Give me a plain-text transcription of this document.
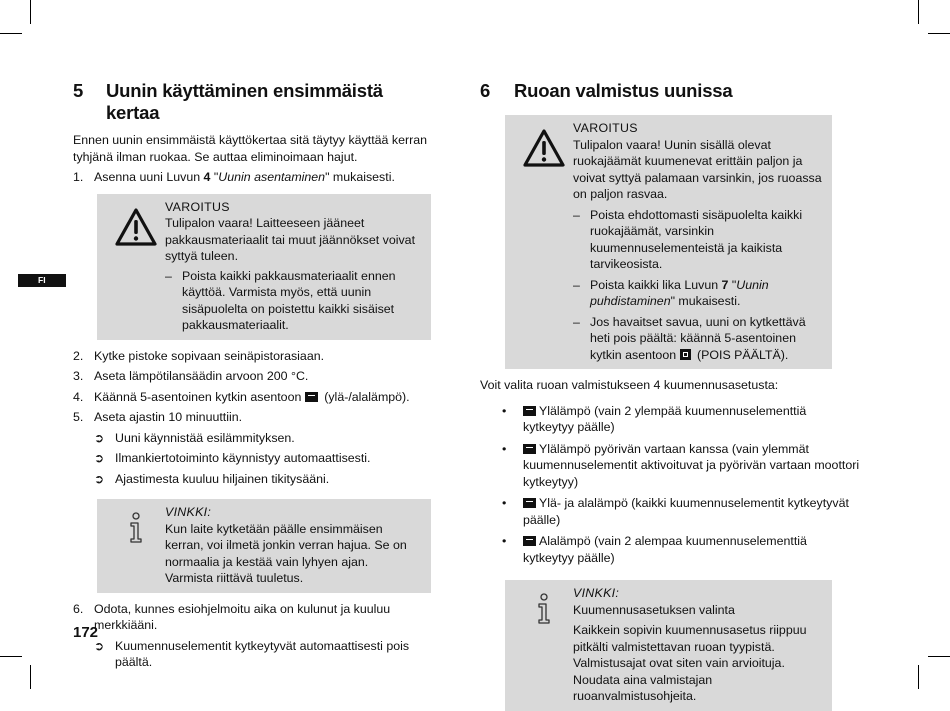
FI
5	Uunin käyttäminen ensimmäistä kertaa

Ennen uunin ensimmäistä käyttökertaa sitä täytyy käyttää kerran tyhjänä ilman ruokaa. Se auttaa eliminoimaan hajut.

1. Asenna uuni Luvun 4 "Uunin asentaminen" mukaisesti.
VAROITUS
Tulipalon vaara! Laitteeseen jääneet pakkausmateriaalit tai muut jäännökset voivat syttyä tuleen.
– Poista kaikki pakkausmateriaalit ennen käyttöä. Varmista myös, että uunin sisäpuolelta on poistettu kaikki sisäiset pakkausmateriaalit.
2. Kytke pistoke sopivaan seinäpistorasiaan.
3. Aseta lämpötilansäädin arvoon 200 °C.
4. Käännä 5-asentoinen kytkin asentoon  (ylä-/alalämpö).
5. Aseta ajastin 10 minuuttiin.
➲ Uuni käynnistää esilämmityksen.
➲ Ilmankiertotoiminto käynnistyy automaattisesti.
➲ Ajastimesta kuuluu hiljainen tikitysääni.
VINKKI:
Kun laite kytketään päälle ensimmäisen kerran, voi ilmetä jonkin verran hajua. Se on normaalia ja kestää vain lyhyen ajan.
Varmista riittävä tuuletus.
6. Odota, kunnes esiohjelmoitu aika on kulunut ja kuuluu merkkiääni.
➲ Kuumennuselementit kytkeytyvät automaattisesti pois päältä.
6	Ruoan valmistus uunissa
VAROITUS
Tulipalon vaara! Uunin sisällä olevat ruokajäämät kuumenevat erittäin paljon ja voivat syttyä palamaan varsinkin, jos ruoassa on paljon rasvaa.
– Poista ehdottomasti sisäpuolelta kaikki ruokajäämät, varsinkin kuumennuselementeistä ja kaikista tarvikeosista.
– Poista kaikki lika Luvun 7 "Uunin puhdistaminen" mukaisesti.
– Jos havaitset savua, uuni on kytkettävä heti pois päältä: käännä 5-asentoinen kytkin asentoon  (POIS PÄÄLTÄ).

Voit valita ruoan valmistukseen 4 kuumennusasetusta:

•	Ylälämpö (vain 2 ylempää kuumennuselementtiä kytkeytyy päälle)
•	Ylälämpö pyörivän vartaan kanssa (vain ylemmät kuumennuselementit aktivoituvat ja pyörivän vartaan moottori kytkeytyy)
•	Ylä- ja alalämpö (kaikki kuumennuselementit kytkeytyvät päälle)
•	Alalämpö (vain 2 alempaa kuumennuselementtiä kytkeytyy päälle)
VINKKI:
Kuumennusasetuksen valinta
Kaikkein sopivin kuumennusasetus riippuu pitkälti valmistettavan ruoan tyypistä. Valmistusajat ovat siten vain arvioituja. Noudata aina valmistajan ruoanvalmistusohjeita.
172
